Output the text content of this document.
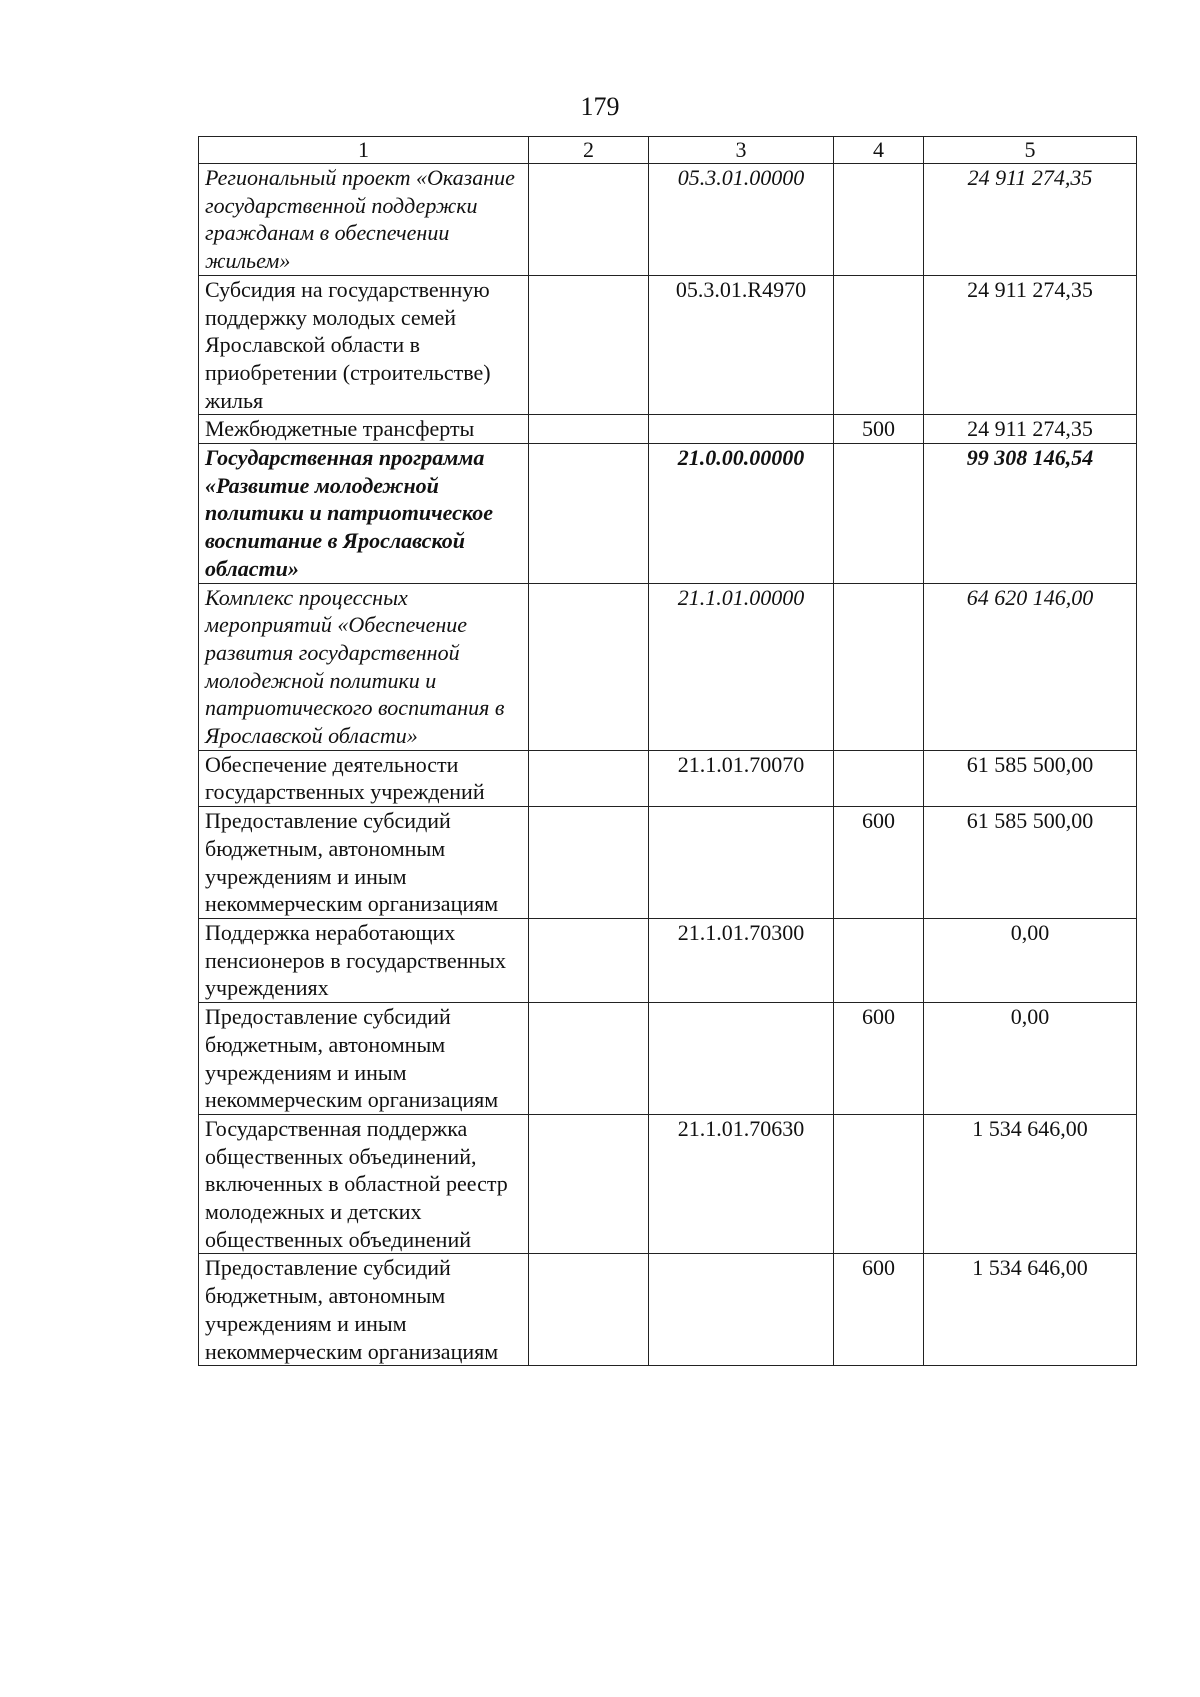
179
1	2	3	4	5
Региональный проект «Оказание государственной поддержки гражданам в обеспечении жильем»		05.3.01.00000		24 911 274,35
Субсидия на государственную поддержку молодых семей Ярославской области в приобретении (строительстве) жилья		05.3.01.R4970		24 911 274,35
Межбюджетные трансферты			500	24 911 274,35
Государственная программа «Развитие молодежной политики и патриотическое воспитание в Ярославской области»		21.0.00.00000		99 308 146,54
Комплекс процессных мероприятий «Обеспечение развития государственной молодежной политики и патриотического воспитания в Ярославской области»		21.1.01.00000		64 620 146,00
Обеспечение деятельности государственных учреждений		21.1.01.70070		61 585 500,00
Предоставление субсидий бюджетным, автономным учреждениям и иным некоммерческим организациям			600	61 585 500,00
Поддержка неработающих пенсионеров в государственных учреждениях		21.1.01.70300		0,00
Предоставление субсидий бюджетным, автономным учреждениям и иным некоммерческим организациям			600	0,00
Государственная поддержка общественных объединений, включенных в областной реестр молодежных и детских общественных объединений		21.1.01.70630		1 534 646,00
Предоставление субсидий бюджетным, автономным учреждениям и иным некоммерческим организациям			600	1 534 646,00
